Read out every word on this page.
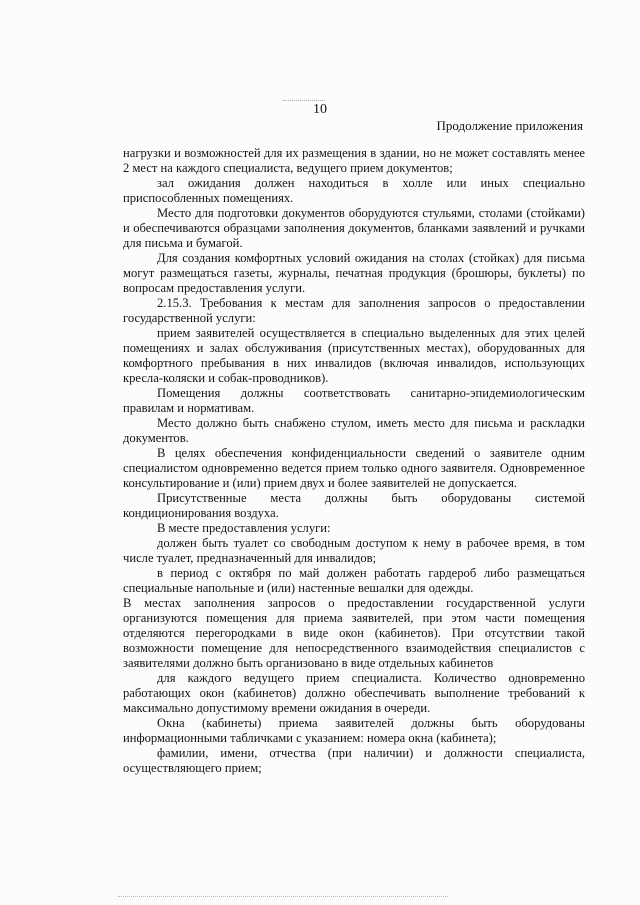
10
Продолжение приложения

нагрузки и возможностей для их размещения в здании, но не может составлять менее 2 мест на каждого специалиста, ведущего прием документов;

зал ожидания должен находиться в холле или иных специально приспособленных помещениях.

Место для подготовки документов оборудуются стульями, столами (стойками) и обеспечиваются образцами заполнения документов, бланками заявлений и ручками для письма и бумагой.

Для создания комфортных условий ожидания на столах (стойках) для письма могут размещаться газеты, журналы, печатная продукция (брошюры, буклеты) по вопросам предоставления услуги.

2.15.3. Требования к местам для заполнения запросов о предоставлении государственной услуги:

прием заявителей осуществляется в специально выделенных для этих целей помещениях и залах обслуживания (присутственных местах), оборудованных для комфортного пребывания в них инвалидов (включая инвалидов, использующих кресла-коляски и собак-проводников).

Помещения должны соответствовать санитарно-эпидемиологическим правилам и нормативам.

Место должно быть снабжено стулом, иметь место для письма и раскладки документов.

В целях обеспечения конфиденциальности сведений о заявителе одним специалистом одновременно ведется прием только одного заявителя. Одновременное консультирование и (или) прием двух и более заявителей не допускается.

Присутственные места должны быть оборудованы системой кондиционирования воздуха.

В месте предоставления услуги:

должен быть туалет со свободным доступом к нему в рабочее время, в том числе туалет, предназначенный для инвалидов;

в период с октября по май должен работать гардероб либо размещаться специальные напольные и (или) настенные вешалки для одежды.

В местах заполнения запросов о предоставлении государственной услуги организуются помещения для приема заявителей, при этом части помещения отделяются перегородками в виде окон (кабинетов). При отсутствии такой возможности помещение для непосредственного взаимодействия специалистов с заявителями должно быть организовано в виде отдельных кабинетов

для каждого ведущего прием специалиста. Количество одновременно работающих окон (кабинетов) должно обеспечивать выполнение требований к максимально допустимому времени ожидания в очереди.

Окна (кабинеты) приема заявителей должны быть оборудованы информационными табличками с указанием: номера окна (кабинета);

фамилии, имени, отчества (при наличии) и должности специалиста, осуществляющего прием;
